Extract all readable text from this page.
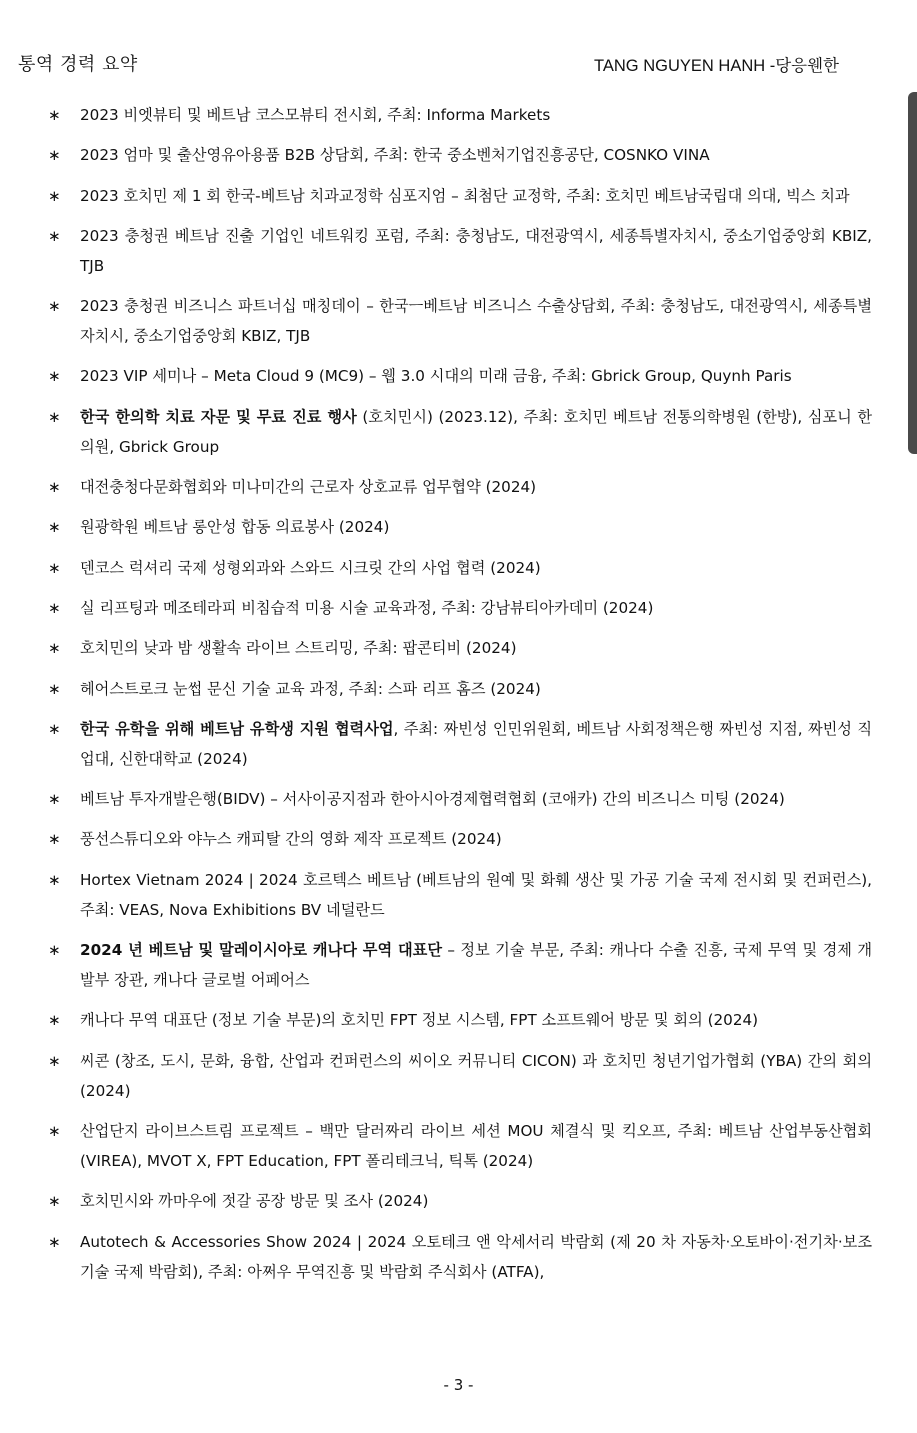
통역 경력 요약	TANG NGUYEN HANH -당응웬한
∗ 2023 비엣뷰티 및 베트남 코스모뷰티 전시회, 주최: Informa Markets
∗ 2023 엄마 및 출산영유아용품 B2B 상담회, 주최: 한국 중소벤처기업진흥공단, COSNKO VINA
∗ 2023 호치민 제 1 회 한국-베트남 치과교정학 심포지엄 – 최첨단 교정학, 주최: 호치민 베트남국립대 의대, 빅스 치과
∗ 2023 충청권 베트남 진출 기업인 네트워킹 포럼, 주최: 충청남도, 대전광역시, 세종특별자치시, 중소기업중앙회 KBIZ, TJB
∗ 2023 충청권 비즈니스 파트너십 매칭데이 – 한국ㅡ베트남 비즈니스 수출상담회, 주최: 충청남도, 대전광역시, 세종특별자치시, 중소기업중앙회 KBIZ, TJB
∗ 2023 VIP 세미나 – Meta Cloud 9 (MC9) – 웹 3.0 시대의 미래 금융, 주최: Gbrick Group, Quynh Paris
∗ 한국 한의학 치료 자문 및 무료 진료 행사 (호치민시) (2023.12), 주최: 호치민 베트남 전통의학병원 (한방), 심포니 한의원, Gbrick Group
∗ 대전충청다문화협회와 미나미간의 근로자 상호교류 업무협약 (2024)
∗ 원광학원 베트남 롱안성 합동 의료봉사 (2024)
∗ 덴코스 럭셔리 국제 성형외과와 스와드 시크릿 간의 사업 협력 (2024)
∗ 실 리프팅과 메조테라피 비침습적 미용 시술 교육과정, 주최: 강남뷰티아카데미 (2024)
∗ 호치민의 낮과 밤 생활속 라이브 스트리밍, 주최: 팝콘티비 (2024)
∗ 헤어스트로크 눈썹 문신 기술 교육 과정, 주최: 스파 리프 홈즈 (2024)
∗ 한국 유학을 위해 베트남 유학생 지원 협력사업, 주최: 짜빈성 인민위원회, 베트남 사회정책은행 짜빈성 지점, 짜빈성 직업대, 신한대학교 (2024)
∗ 베트남 투자개발은행(BIDV) – 서사이공지점과 한아시아경제협력협회 (코애카) 간의 비즈니스 미팅 (2024)
∗ 풍선스튜디오와 야누스 캐피탈 간의 영화 제작 프로젝트 (2024)
∗ Hortex Vietnam 2024 | 2024 호르텍스 베트남 (베트남의 원예 및 화훼 생산 및 가공 기술 국제 전시회 및 컨퍼런스), 주최: VEAS, Nova Exhibitions BV 네덜란드
∗ 2024 년 베트남 및 말레이시아로 캐나다 무역 대표단 – 정보 기술 부문, 주최: 캐나다 수출 진흥, 국제 무역 및 경제 개발부 장관, 캐나다 글로벌 어페어스
∗ 캐나다 무역 대표단 (정보 기술 부문)의 호치민 FPT 정보 시스템, FPT 소프트웨어 방문 및 회의 (2024)
∗ 씨콘 (창조, 도시, 문화, 융합, 산업과 컨퍼런스의 씨이오 커뮤니티 CICON) 과 호치민 청년기업가협회 (YBA) 간의 회의 (2024)
∗ 산업단지 라이브스트림 프로젝트 – 백만 달러짜리 라이브 세션 MOU 체결식 및 킥오프, 주최: 베트남 산업부동산협회 (VIREA), MVOT X, FPT Education, FPT 폴리테크닉, 틱톡 (2024)
∗ 호치민시와 까마우에 젓갈 공장 방문 및 조사 (2024)
∗ Autotech & Accessories Show 2024 | 2024 오토테크 앤 악세서리 박람회 (제 20 차 자동차·오토바이·전기차·보조기술 국제 박람회), 주최: 아쩌우 무역진흥 및 박람회 주식회사 (ATFA),
- 3 -
